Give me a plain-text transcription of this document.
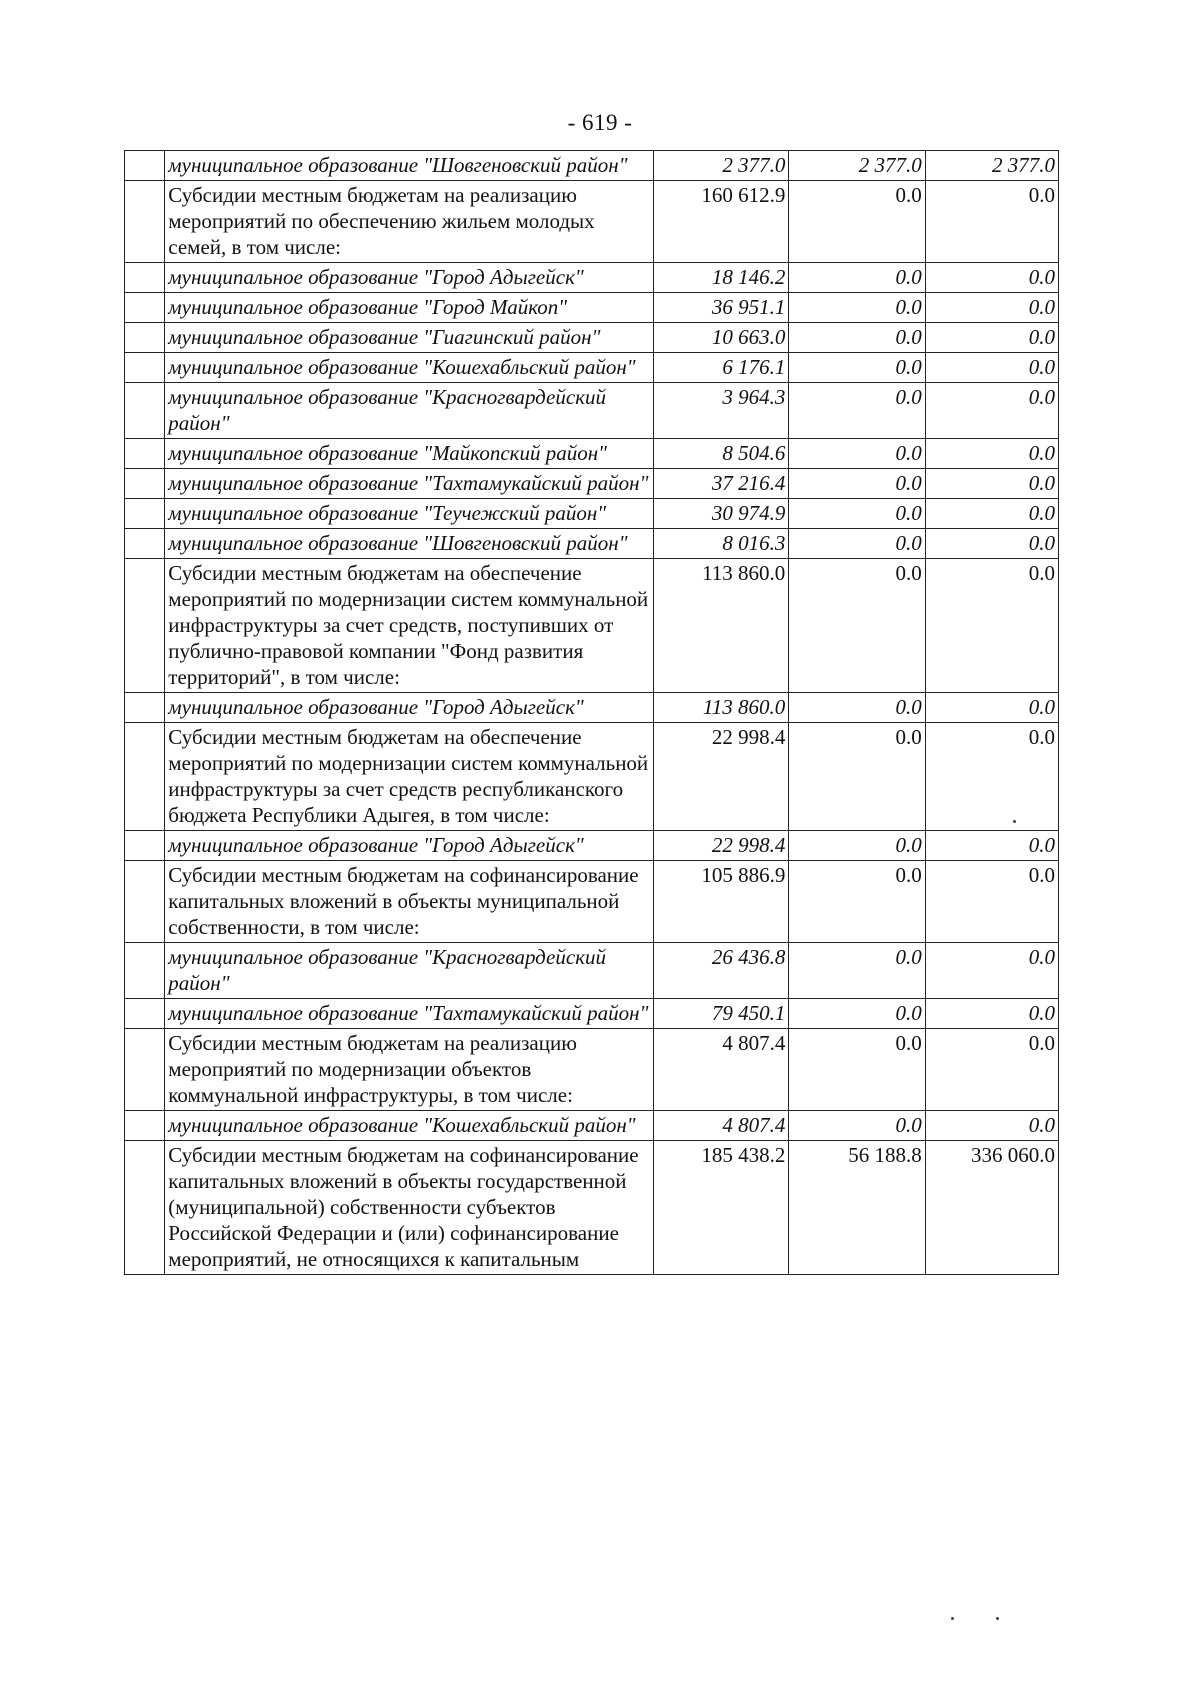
- 619 -
	муниципальное образование "Шовгеновский район"	2 377.0	2 377.0	2 377.0
	Субсидии местным бюджетам на реализацию мероприятий по обеспечению жильем молодых семей, в том числе:	160 612.9	0.0	0.0
	муниципальное образование "Город Адыгейск"	18 146.2	0.0	0.0
	муниципальное образование "Город Майкоп"	36 951.1	0.0	0.0
	муниципальное образование "Гиагинский район"	10 663.0	0.0	0.0
	муниципальное образование "Кошехабльский район"	6 176.1	0.0	0.0
	муниципальное образование "Красногвардейский район"	3 964.3	0.0	0.0
	муниципальное образование "Майкопский район"	8 504.6	0.0	0.0
	муниципальное образование "Тахтамукайский район"	37 216.4	0.0	0.0
	муниципальное образование "Теучежский район"	30 974.9	0.0	0.0
	муниципальное образование "Шовгеновский район"	8 016.3	0.0	0.0
	Субсидии местным бюджетам на обеспечение мероприятий по модернизации систем коммунальной инфраструктуры за счет средств, поступивших от публично-правовой компании "Фонд развития территорий", в том числе:	113 860.0	0.0	0.0
	муниципальное образование "Город Адыгейск"	113 860.0	0.0	0.0
	Субсидии местным бюджетам на обеспечение мероприятий по модернизации систем коммунальной инфраструктуры за счет средств республиканского бюджета Республики Адыгея, в том числе:	22 998.4	0.0	0.0
	муниципальное образование "Город Адыгейск"	22 998.4	0.0	0.0
	Субсидии местным бюджетам на софинансирование капитальных вложений в объекты муниципальной собственности, в том числе:	105 886.9	0.0	0.0
	муниципальное образование "Красногвардейский район"	26 436.8	0.0	0.0
	муниципальное образование "Тахтамукайский район"	79 450.1	0.0	0.0
	Субсидии местным бюджетам на реализацию мероприятий по модернизации объектов коммунальной инфраструктуры, в том числе:	4 807.4	0.0	0.0
	муниципальное образование "Кошехабльский район"	4 807.4	0.0	0.0
	Субсидии местным бюджетам на софинансирование капитальных вложений в объекты государственной (муниципальной) собственности субъектов Российской Федерации и (или) софинансирование мероприятий, не относящихся к капитальным	185 438.2	56 188.8	336 060.0
